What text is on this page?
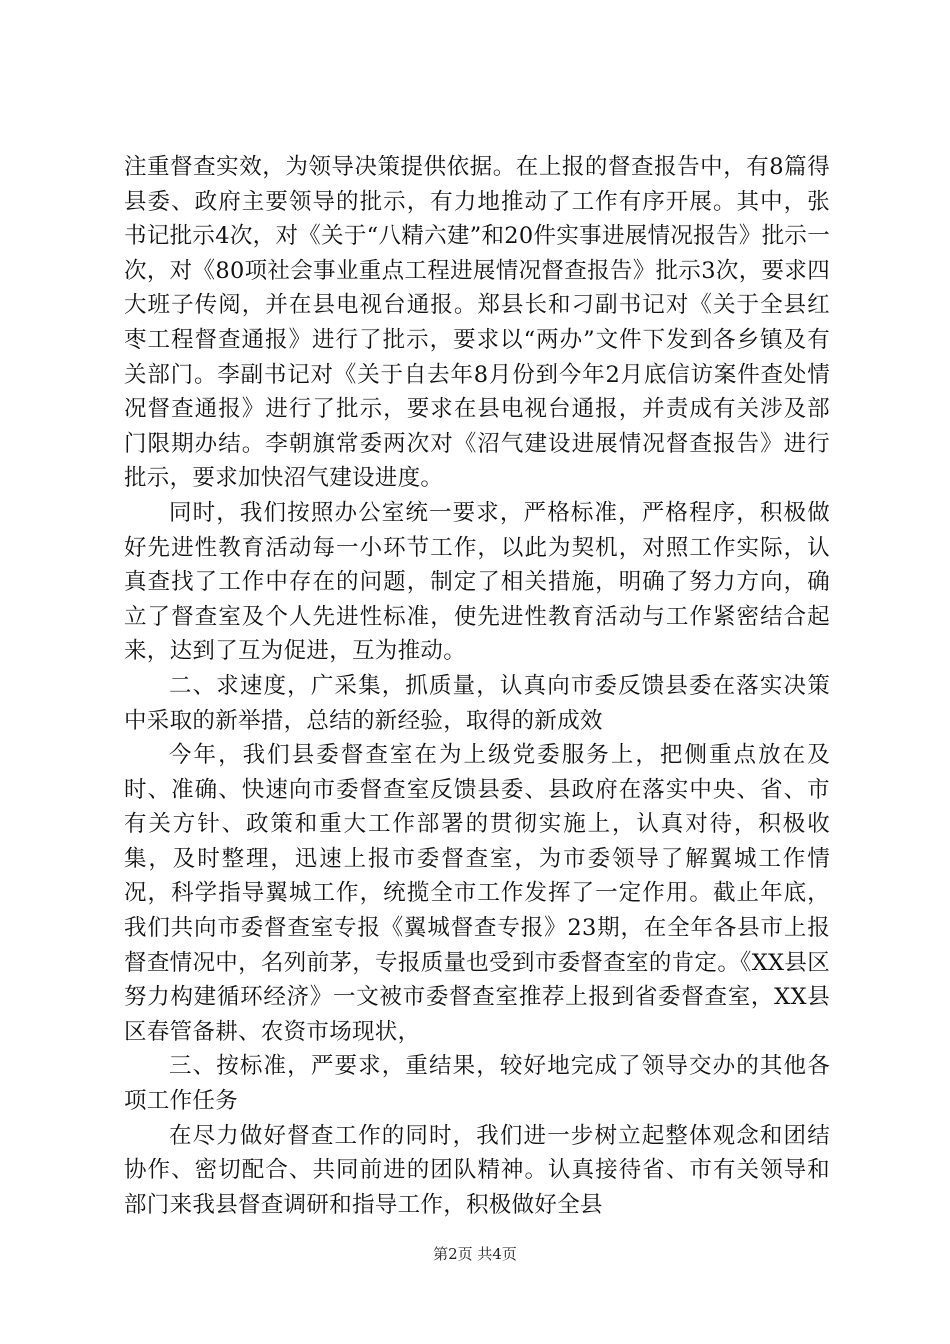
注重督查实效，为领导决策提供依据。在上报的督查报告中，有8篇得县委、政府主要领导的批示，有力地推动了工作有序开展。其中，张书记批示4次，对《关于“八精六建”和20件实事进展情况报告》批示一次，对《80项社会事业重点工程进展情况督查报告》批示3次，要求四大班子传阅，并在县电视台通报。郑县长和刁副书记对《关于全县红枣工程督查通报》进行了批示，要求以“两办”文件下发到各乡镇及有关部门。李副书记对《关于自去年8月份到今年2月底信访案件查处情况督查通报》进行了批示，要求在县电视台通报，并责成有关涉及部门限期办结。李朝旗常委两次对《沼气建设进展情况督查报告》进行批示，要求加快沼气建设进度。

同时，我们按照办公室统一要求，严格标准，严格程序，积极做好先进性教育活动每一小环节工作，以此为契机，对照工作实际，认真查找了工作中存在的问题，制定了相关措施，明确了努力方向，确立了督查室及个人先进性标准，使先进性教育活动与工作紧密结合起来，达到了互为促进，互为推动。

二、求速度，广采集，抓质量，认真向市委反馈县委在落实决策中采取的新举措，总结的新经验，取得的新成效

今年，我们县委督查室在为上级党委服务上，把侧重点放在及时、准确、快速向市委督查室反馈县委、县政府在落实中央、省、市有关方针、政策和重大工作部署的贯彻实施上，认真对待，积极收集，及时整理，迅速上报市委督查室，为市委领导了解翼城工作情况，科学指导翼城工作，统揽全市工作发挥了一定作用。截止年底，我们共向市委督查室专报《翼城督查专报》23期，在全年各县市上报督查情况中，名列前茅，专报质量也受到市委督查室的肯定。《XX县区努力构建循环经济》一文被市委督查室推荐上报到省委督查室，XX县区春管备耕、农资市场现状，

三、按标准，严要求，重结果，较好地完成了领导交办的其他各项工作任务

在尽力做好督查工作的同时，我们进一步树立起整体观念和团结协作、密切配合、共同前进的团队精神。认真接待省、市有关领导和部门来我县督查调研和指导工作，积极做好全县

第2页 共4页
